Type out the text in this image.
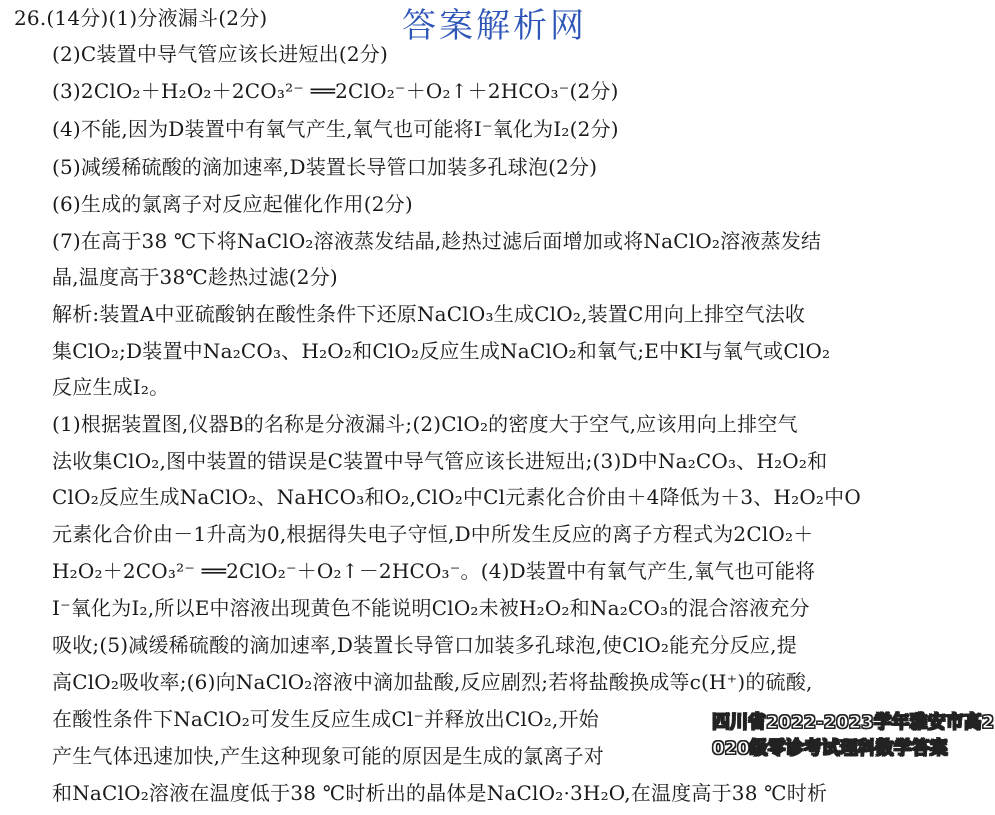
答案解析网
26.(14分)(1)分液漏斗(2分)
(2)C装置中导气管应该长进短出(2分)
(3)2ClO₂＋H₂O₂＋2CO₃²⁻ ══2ClO₂⁻＋O₂↑＋2HCO₃⁻(2分)
(4)不能,因为D装置中有氧气产生,氧气也可能将I⁻氧化为I₂(2分)
(5)减缓稀硫酸的滴加速率,D装置长导管口加装多孔球泡(2分)
(6)生成的氯离子对反应起催化作用(2分)
(7)在高于38 ℃下将NaClO₂溶液蒸发结晶,趁热过滤后面增加或将NaClO₂溶液蒸发结
晶,温度高于38℃趁热过滤(2分)
解析:装置A中亚硫酸钠在酸性条件下还原NaClO₃生成ClO₂,装置C用向上排空气法收
集ClO₂;D装置中Na₂CO₃、H₂O₂和ClO₂反应生成NaClO₂和氧气;E中KI与氧气或ClO₂
反应生成I₂。
(1)根据装置图,仪器B的名称是分液漏斗;(2)ClO₂的密度大于空气,应该用向上排空气
法收集ClO₂,图中装置的错误是C装置中导气管应该长进短出;(3)D中Na₂CO₃、H₂O₂和
ClO₂反应生成NaClO₂、NaHCO₃和O₂,ClO₂中Cl元素化合价由＋4降低为＋3、H₂O₂中O
元素化合价由－1升高为0,根据得失电子守恒,D中所发生反应的离子方程式为2ClO₂＋
H₂O₂＋2CO₃²⁻ ══2ClO₂⁻＋O₂↑－2HCO₃⁻。(4)D装置中有氧气产生,氧气也可能将
I⁻氧化为I₂,所以E中溶液出现黄色不能说明ClO₂未被H₂O₂和Na₂CO₃的混合溶液充分
吸收;(5)减缓稀硫酸的滴加速率,D装置长导管口加装多孔球泡,使ClO₂能充分反应,提
高ClO₂吸收率;(6)向NaClO₂溶液中滴加盐酸,反应剧烈;若将盐酸换成等c(H⁺)的硫酸,
在酸性条件下NaClO₂可发生反应生成Cl⁻并释放出ClO₂,开始
产生气体迅速加快,产生这种现象可能的原因是生成的氯离子对
和NaClO₂溶液在温度低于38 ℃时析出的晶体是NaClO₂·3H₂O,在温度高于38 ℃时析
四川省2022-2023学年雅安市高2020级零诊考试理科数学答案
